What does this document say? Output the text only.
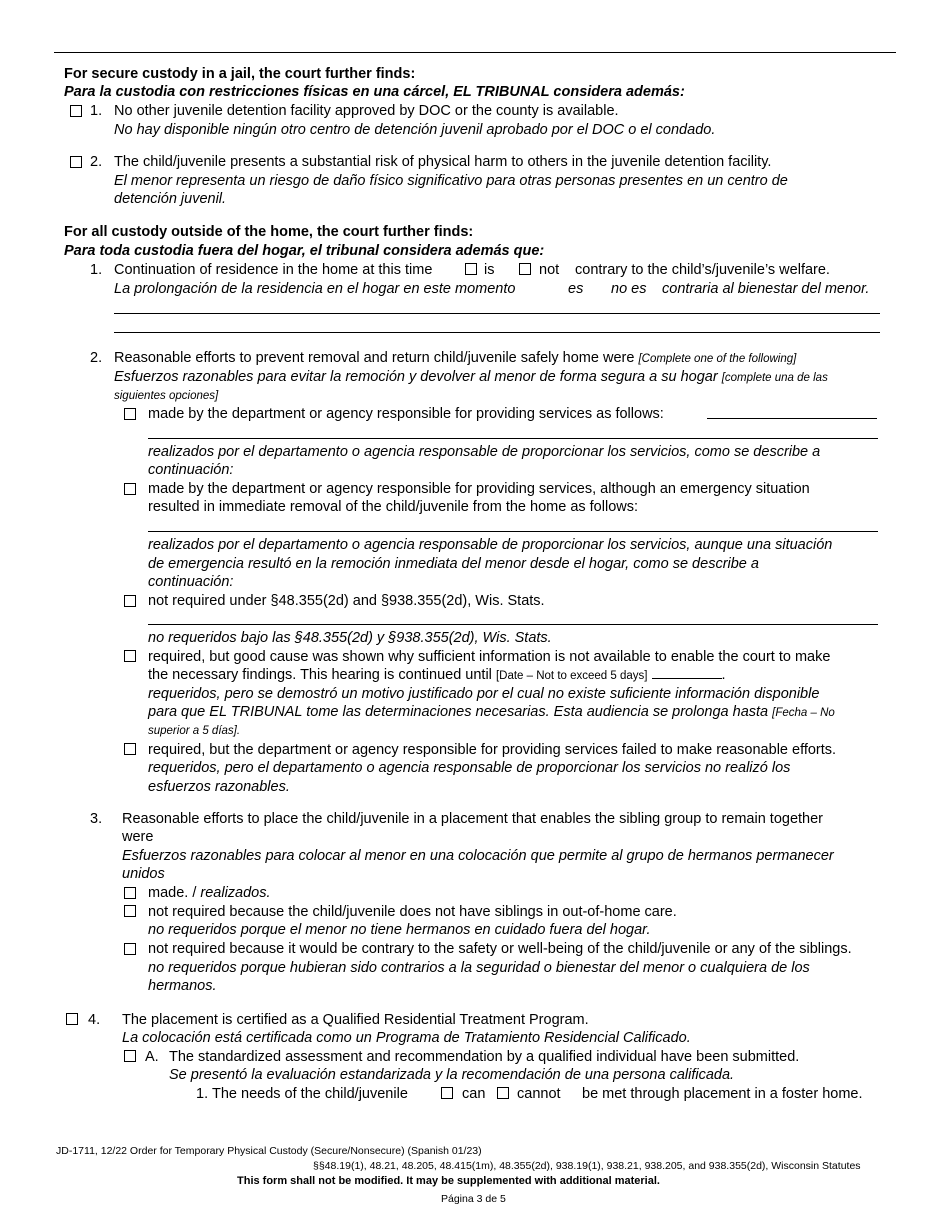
For secure custody in a jail, the court further finds:
Para la custodia con restricciones físicas en una cárcel, EL TRIBUNAL considera además:
1. No other juvenile detention facility approved by DOC or the county is available.
No hay disponible ningún otro centro de detención juvenil aprobado por el DOC o el condado.
2. The child/juvenile presents a substantial risk of physical harm to others in the juvenile detention facility.
El menor representa un riesgo de daño físico significativo para otras personas presentes en un centro de
detención juvenil.
For all custody outside of the home, the court further finds:
Para toda custodia fuera del hogar, el tribunal considera además que:
1. Continuation of residence in the home at this time	is	not contrary to the child’s/juvenile’s welfare.
La prolongación de la residencia en el hogar en este momento	es no es contraria al bienestar del menor.
2. Reasonable efforts to prevent removal and return child/juvenile safely home were [Complete one of the following]
Esfuerzos razonables para evitar la remoción y devolver al menor de forma segura a su hogar [complete una de las
siguientes opciones]
made by the department or agency responsible for providing services as follows:
realizados por el departamento o agencia responsable de proporcionar los servicios, como se describe a
continuación:
made by the department or agency responsible for providing services, although an emergency situation
resulted in immediate removal of the child/juvenile from the home as follows:
realizados por el departamento o agencia responsable de proporcionar los servicios, aunque una situación
de emergencia resultó en la remoción inmediata del menor desde el hogar, como se describe a
continuación:
not required under §48.355(2d) and §938.355(2d), Wis. Stats.
no requeridos bajo las §48.355(2d) y §938.355(2d), Wis. Stats.
required, but good cause was shown why sufficient information is not available to enable the court to make
the necessary findings. This hearing is continued until [Date – Not to exceed 5 days]	.
requeridos, pero se demostró un motivo justificado por el cual no existe suficiente información disponible
para que EL TRIBUNAL tome las determinaciones necesarias. Esta audiencia se prolonga hasta [Fecha – No
superior a 5 días].
required, but the department or agency responsible for providing services failed to make reasonable efforts.
requeridos, pero el departamento o agencia responsable de proporcionar los servicios no realizó los
esfuerzos razonables.
3. Reasonable efforts to place the child/juvenile in a placement that enables the sibling group to remain together
were
Esfuerzos razonables para colocar al menor en una colocación que permite al grupo de hermanos permanecer
unidos
made. / realizados.
not required because the child/juvenile does not have siblings in out-of-home care.
no requeridos porque el menor no tiene hermanos en cuidado fuera del hogar.
not required because it would be contrary to the safety or well-being of the child/juvenile or any of the siblings.
no requeridos porque hubieran sido contrarios a la seguridad o bienestar del menor o cualquiera de los
hermanos.
4. The placement is certified as a Qualified Residential Treatment Program.
La colocación está certificada como un Programa de Tratamiento Residencial Calificado.
A. The standardized assessment and recommendation by a qualified individual have been submitted.
Se presentó la evaluación estandarizada y la recomendación de una persona calificada.
1. The needs of the child/juvenile	can cannot be met through placement in a foster home.
JD-1711, 12/22 Order for Temporary Physical Custody (Secure/Nonsecure) (Spanish 01/23)
§§48.19(1), 48.21, 48.205, 48.415(1m), 48.355(2d), 938.19(1), 938.21, 938.205, and 938.355(2d), Wisconsin Statutes
This form shall not be modified. It may be supplemented with additional material.
Página 3 de 5
